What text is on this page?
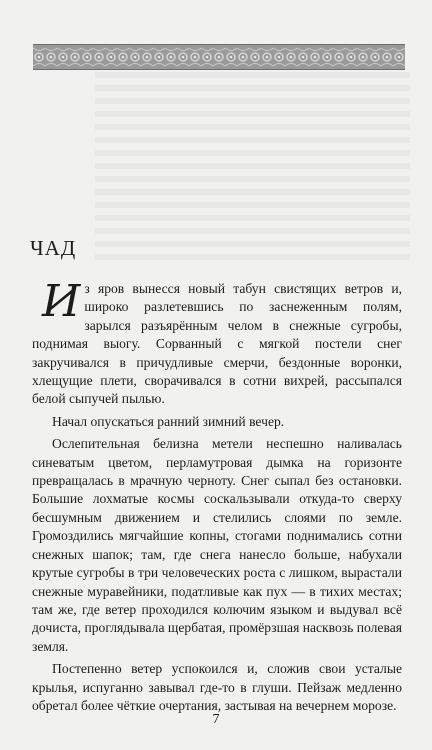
ЧАД

Из яров вынесся новый табун свистящих ветров и, широко разлетевшись по заснеженным полям, зарылся разъярённым челом в снежные сугробы, поднимая выогу. Сорванный с мягкой постели снег закручивался в причудливые смерчи, бездонные воронки, хлещущие плети, сворачивался в сотни вихрей, рассыпался белой сыпучей пылью.

Начал опускаться ранний зимний вечер.

Ослепительная белизна метели неспешно наливалась синеватым цветом, перламутровая дымка на горизонте превращалась в мрачную черноту. Снег сыпал без остановки. Большие лохматые космы соскальзывали откуда-то сверху бесшумным движением и стелились слоями по земле. Громоздились мягчайшие копны, стогами поднимались сотни снежных шапок; там, где снега нанесло больше, набухали крутые сугробы в три человеческих роста с лишком, вырастали снежные муравейники, податливые как пух — в тихих местах; там же, где ветер проходился колючим языком и выдувал всё дочиста, проглядывала щербатая, промёрзшая насквозь полевая земля.

Постепенно ветер успокоился и, сложив свои усталые крылья, испуганно завывал где-то в глуши. Пейзаж медленно обретал более чёткие очертания, застывая на вечернем морозе.

7
